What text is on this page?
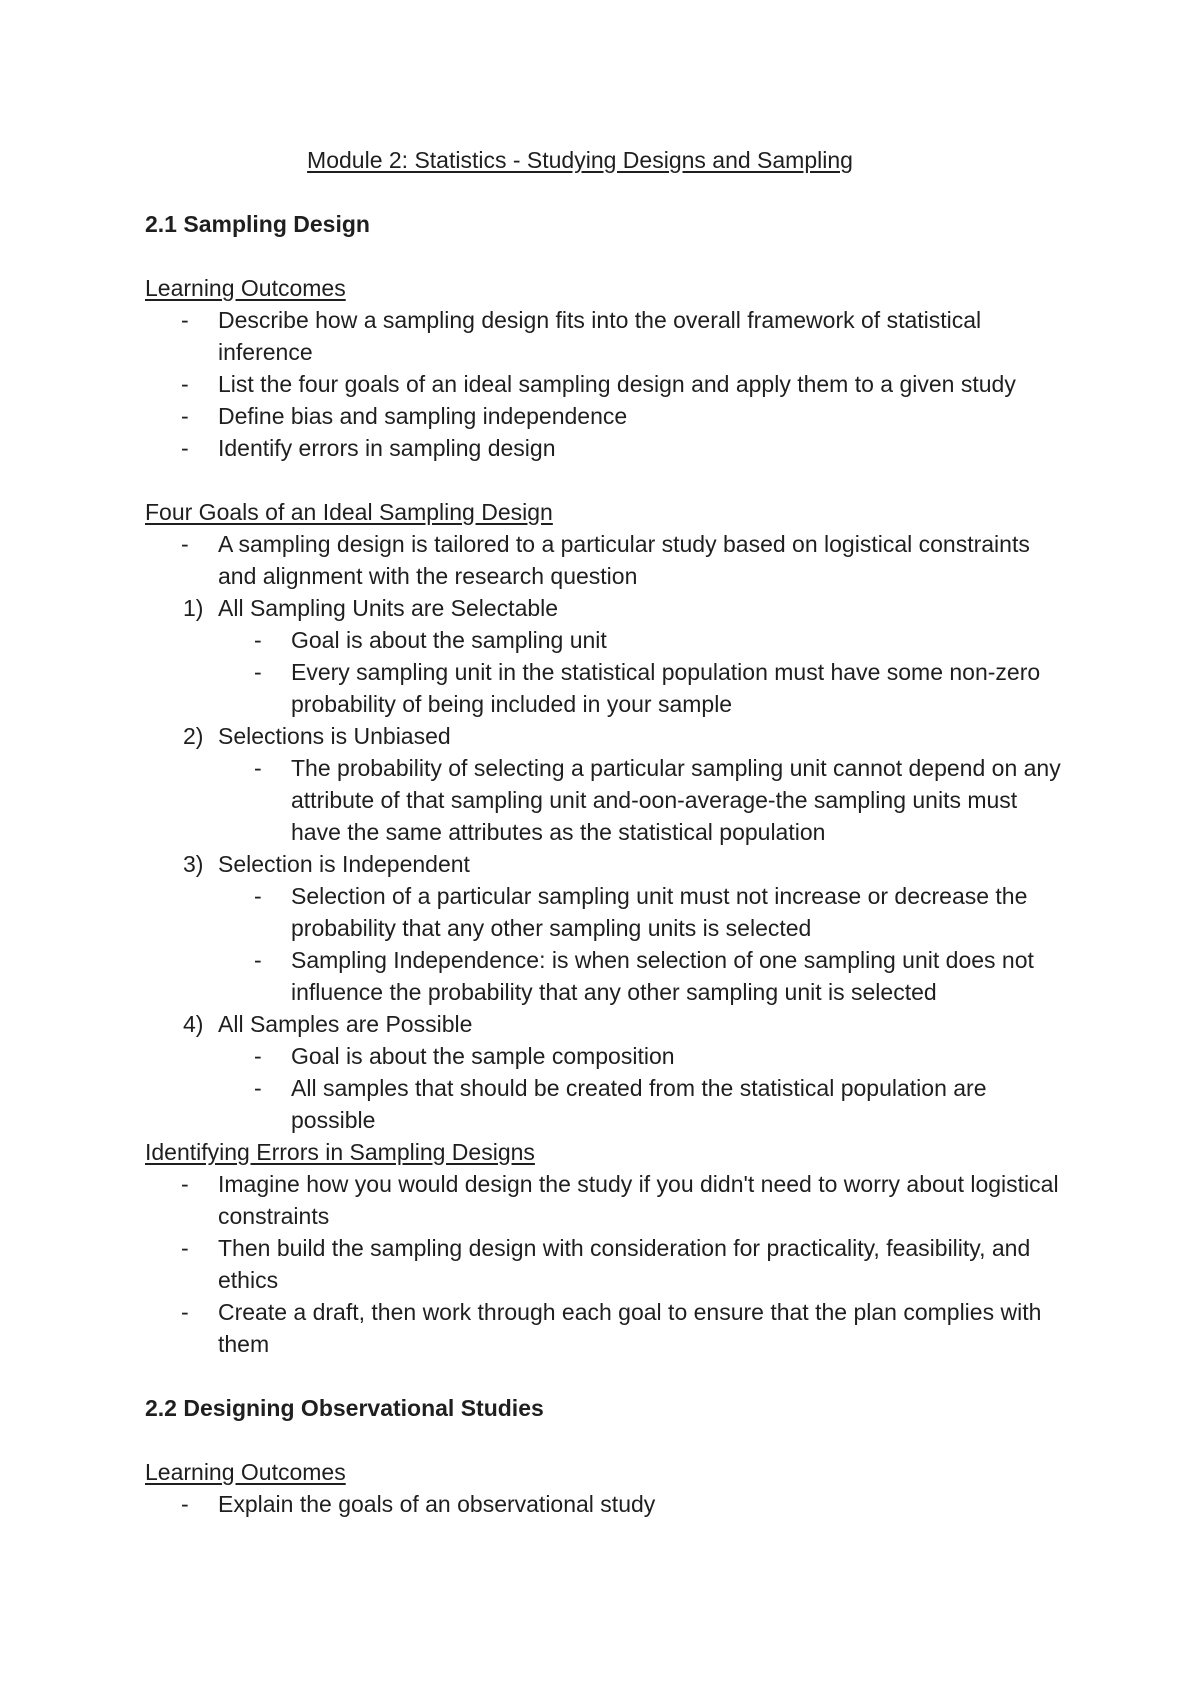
Module 2: Statistics - Studying Designs and Sampling
2.1 Sampling Design

Learning Outcomes

-	Describe how a sampling design fits into the overall framework of statistical inference
-	List the four goals of an ideal sampling design and apply them to a given study
-	Define bias and sampling independence
-	Identify errors in sampling design

Four Goals of an Ideal Sampling Design

-	A sampling design is tailored to a particular study based on logistical constraints and alignment with the research question
1) All Sampling Units are Selectable
-	Goal is about the sampling unit
-	Every sampling unit in the statistical population must have some non-zero probability of being included in your sample
2) Selections is Unbiased
-	The probability of selecting a particular sampling unit cannot depend on any attribute of that sampling unit and-oon-average-the sampling units must have the same attributes as the statistical population
3) Selection is Independent
-	Selection of a particular sampling unit must not increase or decrease the probability that any other sampling units is selected
-	Sampling Independence: is when selection of one sampling unit does not influence the probability that any other sampling unit is selected
4) All Samples are Possible
-	Goal is about the sample composition
-	All samples that should be created from the statistical population are possible

Identifying Errors in Sampling Designs

-	Imagine how you would design the study if you didn't need to worry about logistical constraints
-	Then build the sampling design with consideration for practicality, feasibility, and ethics
-	Create a draft, then work through each goal to ensure that the plan complies with them
2.2 Designing Observational Studies

Learning Outcomes

-	Explain the goals of an observational study
